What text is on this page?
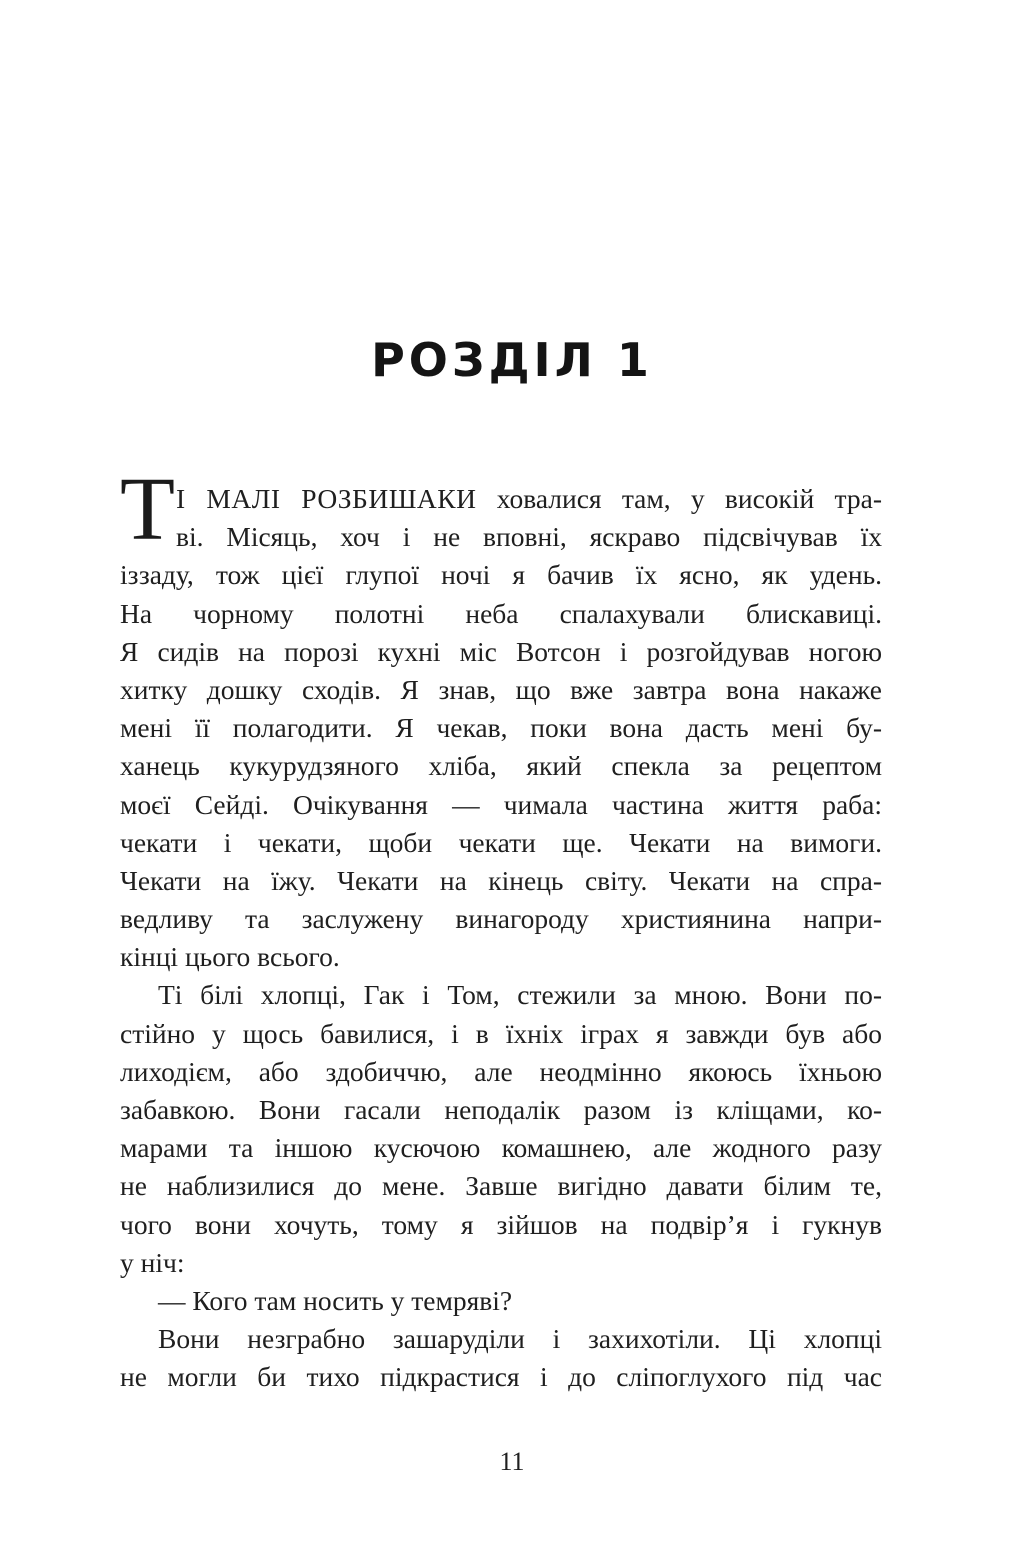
РОЗДІЛ 1
Т І МАЛІ РОЗБИШАКИ ховалися там, у високій тра-
ві. Місяць, хоч і не вповні, яскраво підсвічував їх
іззаду, тож цієї глупої ночі я бачив їх ясно, як удень.
На чорному полотні неба спалахували блискавиці.
Я сидів на порозі кухні міс Вотсон і розгойдував ногою
хитку дошку сходів. Я знав, що вже завтра вона накаже
мені її полагодити. Я чекав, поки вона дасть мені бу-
ханець кукурудзяного хліба, який спекла за рецептом
моєї Сейді. Очікування — чимала частина життя раба:
чекати і чекати, щоби чекати ще. Чекати на вимоги.
Чекати на їжу. Чекати на кінець світу. Чекати на спра-
ведливу та заслужену винагороду християнина напри-
кінці цього всього.
Ті білі хлопці, Гак і Том, стежили за мною. Вони по-
стійно у щось бавилися, і в їхніх іграх я завжди був або
лиходієм, або здобиччю, але неодмінно якоюсь їхньою
забавкою. Вони гасали неподалік разом із кліщами, ко-
марами та іншою кусючою комашнею, але жодного разу
не наблизилися до мене. Завше вигідно давати білим те,
чого вони хочуть, тому я зійшов на подвір’я і гукнув
у ніч:
— Кого там носить у темряві?
Вони незграбно зашаруділи і захихотіли. Ці хлопці
не могли би тихо підкрастися і до сліпоглухого під час
11
